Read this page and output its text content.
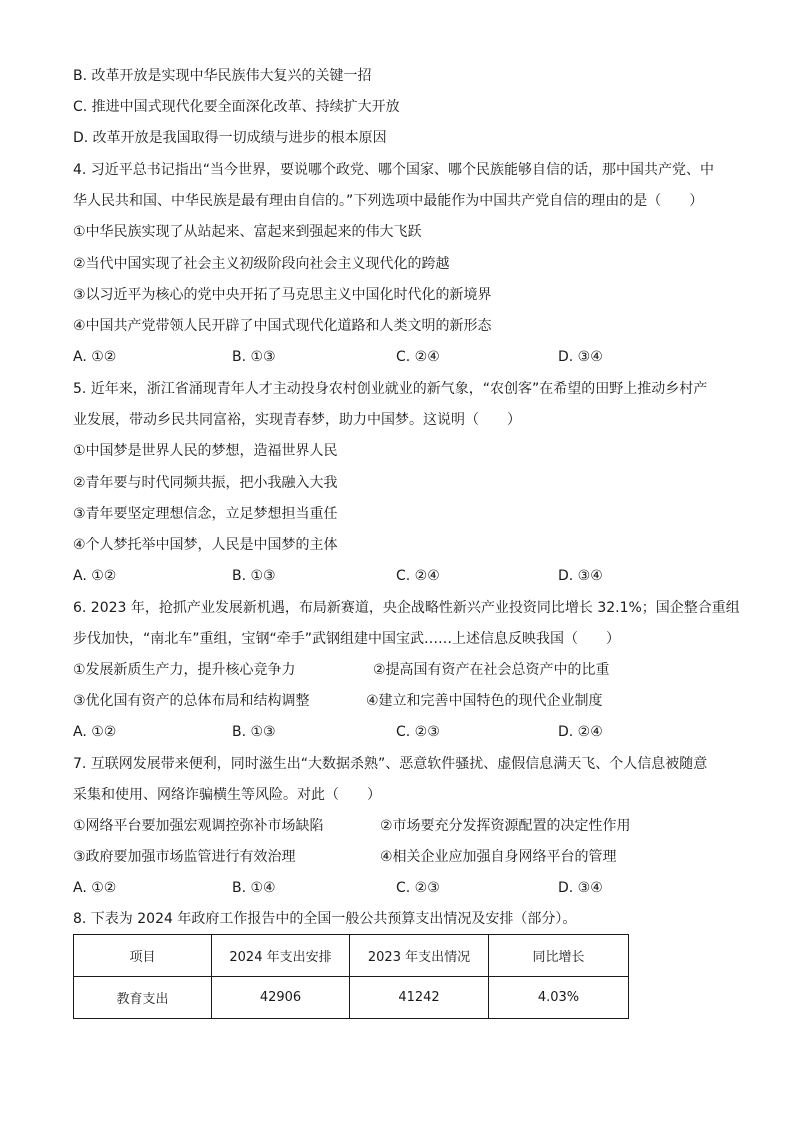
B. 改革开放是实现中华民族伟大复兴的关键一招
C. 推进中国式现代化要全面深化改革、持续扩大开放
D. 改革开放是我国取得一切成绩与进步的根本原因
4. 习近平总书记指出“当今世界，要说哪个政党、哪个国家、哪个民族能够自信的话，那中国共产党、中
华人民共和国、中华民族是最有理由自信的。”下列选项中最能作为中国共产党自信的理由的是（　　）
①中华民族实现了从站起来、富起来到强起来的伟大飞跃
②当代中国实现了社会主义初级阶段向社会主义现代化的跨越
③以习近平为核心的党中央开拓了马克思主义中国化时代化的新境界
④中国共产党带领人民开辟了中国式现代化道路和人类文明的新形态
A. ①②	B. ①③	C. ②④	D. ③④
5. 近年来，浙江省涌现青年人才主动投身农村创业就业的新气象，“农创客”在希望的田野上推动乡村产
业发展，带动乡民共同富裕，实现青春梦，助力中国梦。这说明（　　）
①中国梦是世界人民的梦想，造福世界人民
②青年要与时代同频共振，把小我融入大我
③青年要坚定理想信念，立足梦想担当重任
④个人梦托举中国梦，人民是中国梦的主体
A. ①②	B. ①③	C. ②④	D. ③④
6. 2023 年，抢抓产业发展新机遇，布局新赛道，央企战略性新兴产业投资同比增长 32.1%；国企整合重组
步伐加快，“南北车”重组，宝钢“牵手”武钢组建中国宝武……上述信息反映我国（　　）
①发展新质生产力，提升核心竞争力	②提高国有资产在社会总资产中的比重
③优化国有资产的总体布局和结构调整	④建立和完善中国特色的现代企业制度
A. ①②	B. ①③	C. ②③	D. ②④
7. 互联网发展带来便利，同时滋生出“大数据杀熟”、恶意软件骚扰、虚假信息满天飞、个人信息被随意
采集和使用、网络诈骗横生等风险。对此（　　）
①网络平台要加强宏观调控弥补市场缺陷	②市场要充分发挥资源配置的决定性作用
③政府要加强市场监管进行有效治理	④相关企业应加强自身网络平台的管理
A. ①②	B. ①④	C. ②③	D. ③④
8. 下表为 2024 年政府工作报告中的全国一般公共预算支出情况及安排（部分）。
项目	2024 年支出安排	2023 年支出情况	同比增长
教育支出	42906	41242	4.03%
